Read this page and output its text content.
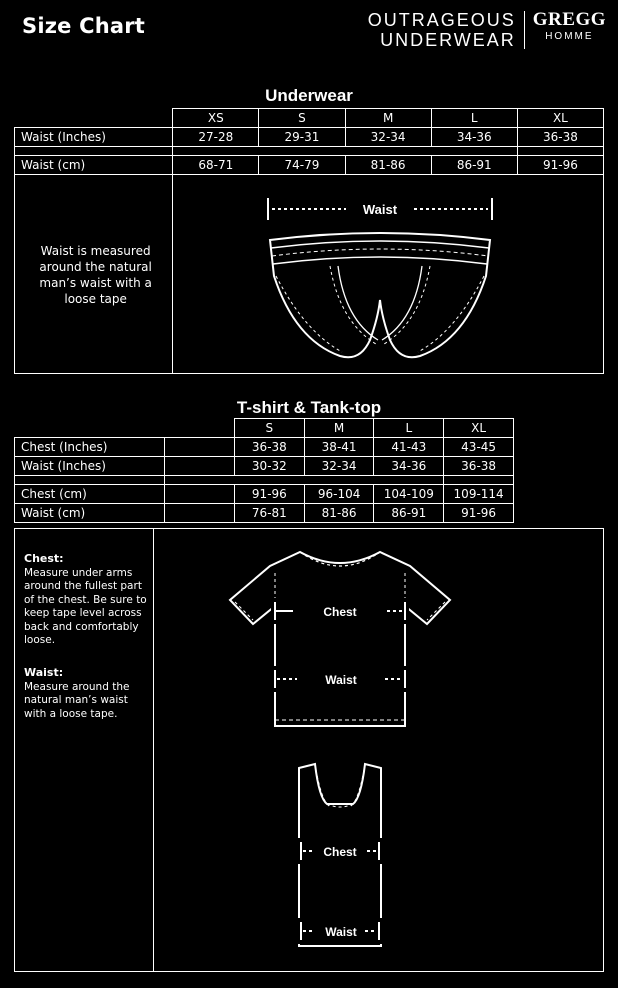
Size Chart	OUTRAGEOUS
UNDERWEAR
GREGG
HOMME
Underwear
	XS	S	M	L	XL
Waist (Inches)	27-28	29-31	32-34	34-36	36-38

Waist (cm)	68-71	74-79	81-86	86-91	91-96
Waist is measured around the natural man’s waist with a loose tape					
Waist
T-shirt & Tank-top
		S	M	L	XL
Chest (Inches)		36-38	38-41	41-43	43-45
Waist (Inches)		30-32	32-34	34-36	36-38

Chest (cm)		91-96	96-104	104-109	109-114
Waist (cm)		76-81	81-86	86-91	91-96
Chest:
Measure under arms around the fullest part of the chest. Be sure to keep tape level across back and comfortably loose.
Waist:
Measure around the natural man’s waist with a loose tape.
Chest
Waist
Chest
Waist
